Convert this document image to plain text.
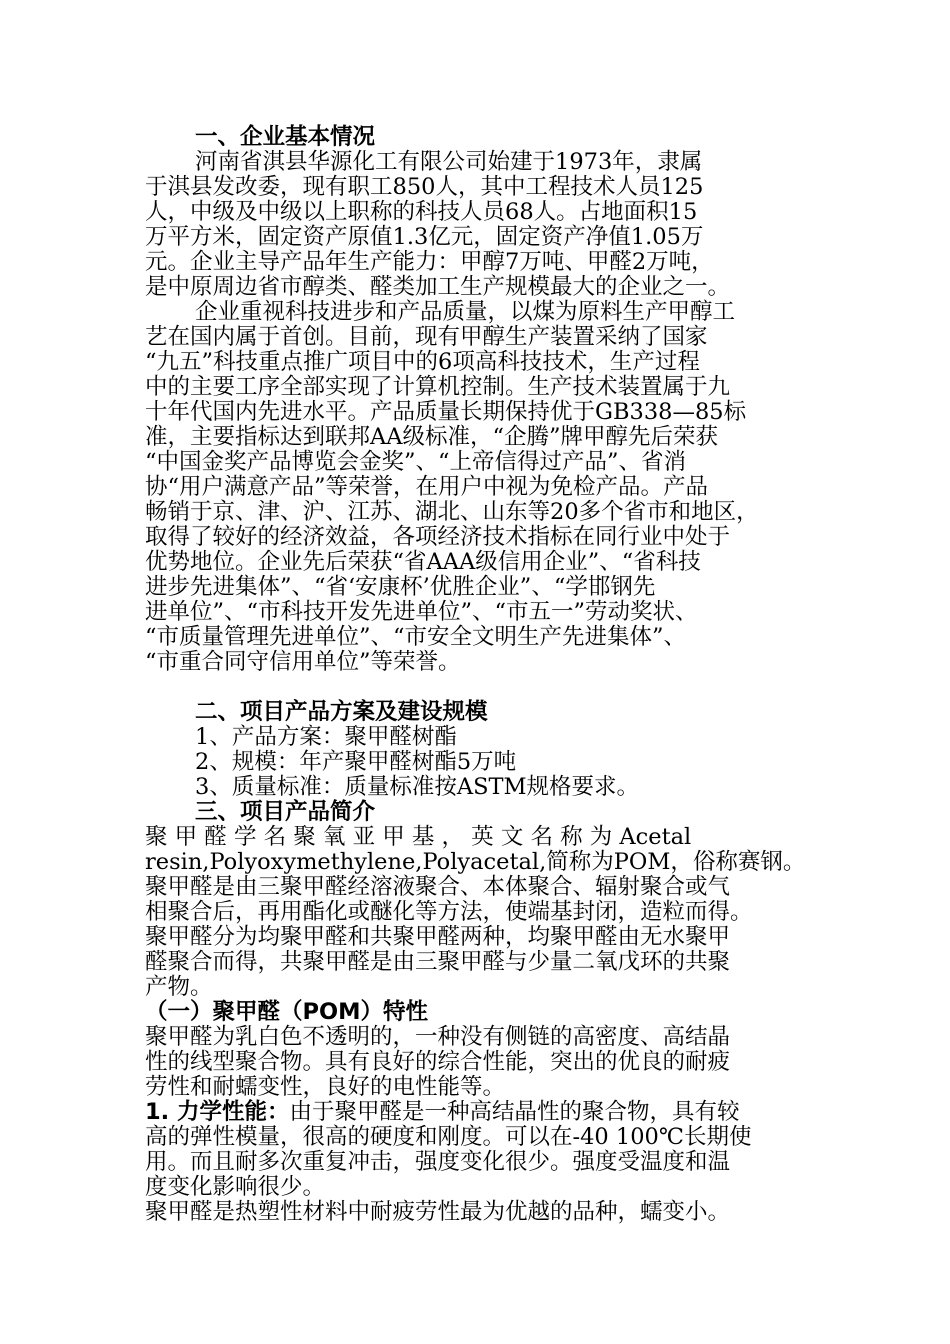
一、企业基本情况
河南省淇县华源化工有限公司始建于1973年，隶属
于淇县发改委，现有职工850人，其中工程技术人员125
人，中级及中级以上职称的科技人员68人。占地面积15
万平方米，固定资产原值1.3亿元，固定资产净值1.05万
元。企业主导产品年生产能力：甲醇7万吨、甲醛2万吨，
是中原周边省市醇类、醛类加工生产规模最大的企业之一。
企业重视科技进步和产品质量，以煤为原料生产甲醇工
艺在国内属于首创。目前，现有甲醇生产装置采纳了国家
“九五”科技重点推广项目中的6项高科技技术，生产过程
中的主要工序全部实现了计算机控制。生产技术装置属于九
十年代国内先进水平。产品质量长期保持优于GB338—85标
准，主要指标达到联邦AA级标准，“企腾”牌甲醇先后荣获
“中国金奖产品博览会金奖”、“上帝信得过产品”、省消
协“用户满意产品”等荣誉，在用户中视为免检产品。产品
畅销于京、津、沪、江苏、湖北、山东等20多个省市和地区，
取得了较好的经济效益，各项经济技术指标在同行业中处于
优势地位。企业先后荣获“省AAA级信用企业”、“省科技
进步先进集体”、“省‘安康杯’优胜企业”、“学邯钢先
进单位”、“市科技开发先进单位”、“市五一”劳动奖状、
“市质量管理先进单位”、“市安全文明生产先进集体”、
“市重合同守信用单位”等荣誉。
二、项目产品方案及建设规模
1、产品方案：聚甲醛树酯
2、规模：年产聚甲醛树酯5万吨
3、质量标准：质量标准按ASTM规格要求。
三、项目产品简介
聚 甲 醛 学 名 聚 氧 亚 甲 基 ， 英 文 名 称 为 Acetal
resin,Polyoxymethylene,Polyacetal,简称为POM，俗称赛钢。
聚甲醛是由三聚甲醛经溶液聚合、本体聚合、辐射聚合或气
相聚合后，再用酯化或醚化等方法，使端基封闭，造粒而得。
聚甲醛分为均聚甲醛和共聚甲醛两种，均聚甲醛由无水聚甲
醛聚合而得，共聚甲醛是由三聚甲醛与少量二氧戊环的共聚
产物。
（一）聚甲醛（POM）特性
聚甲醛为乳白色不透明的，一种没有侧链的高密度、高结晶
性的线型聚合物。具有良好的综合性能，突出的优良的耐疲
劳性和耐蠕变性，良好的电性能等。
1. 力学性能：由于聚甲醛是一种高结晶性的聚合物，具有较
高的弹性模量，很高的硬度和刚度。可以在-40 100℃长期使
用。而且耐多次重复冲击，强度变化很少。强度受温度和温
度变化影响很少。
聚甲醛是热塑性材料中耐疲劳性最为优越的品种，蠕变小。
